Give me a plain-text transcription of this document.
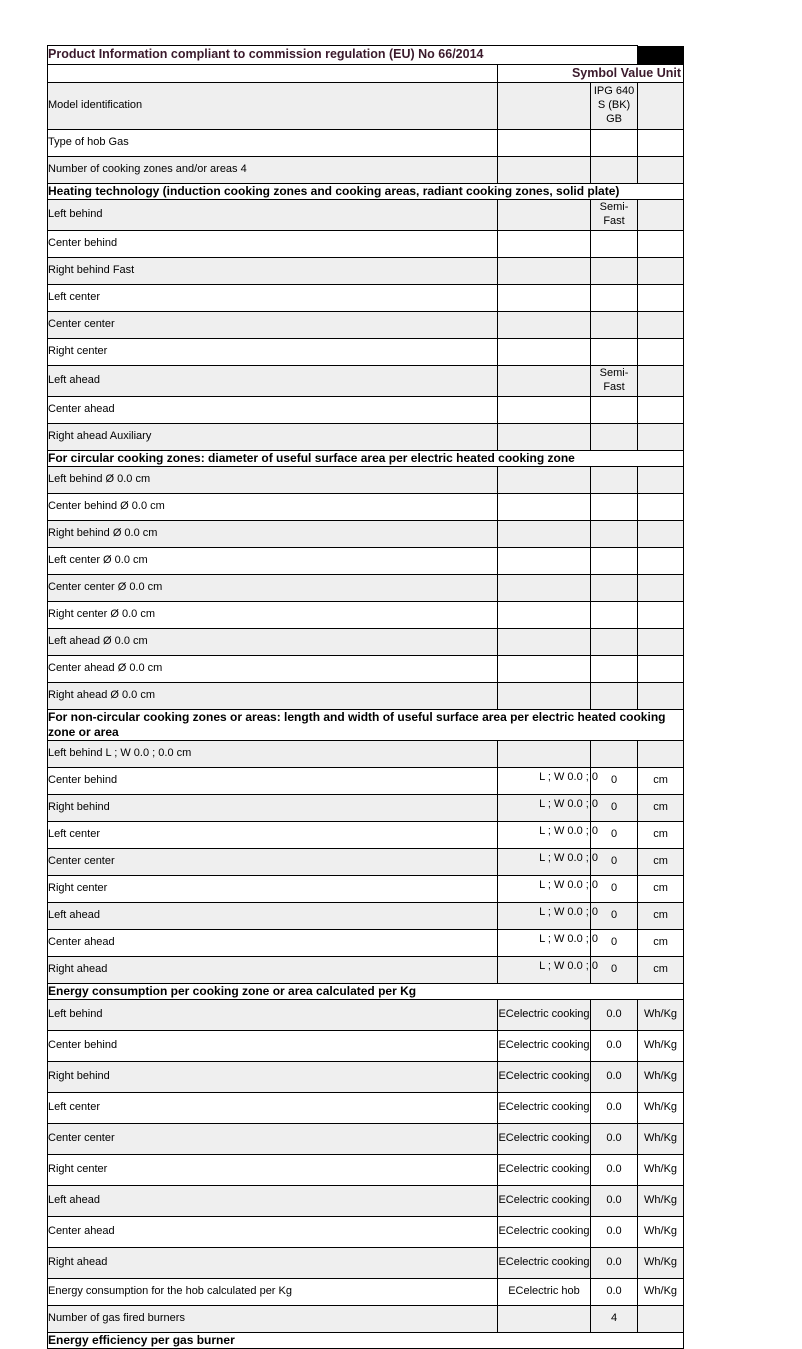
Product Information compliant to commission regulation (EU) No 66/2014			

	Symbol Value Unit		

Model identification		IPG 640 S (BK) GB	
Type of hob Gas			
Number of cooking zones and/or areas 4			
Heating technology (induction cooking zones and cooking areas, radiant cooking zones, solid plate)			
Left behind		Semi-Fast	
Center behind			
Right behind Fast			
Left center			
Center center			
Right center			
Left ahead		Semi-Fast	
Center ahead			
Right ahead Auxiliary			
For circular cooking zones: diameter of useful surface area per electric heated cooking zone			
Left behind Ø 0.0 cm			
Center behind Ø 0.0 cm			
Right behind Ø 0.0 cm			
Left center Ø 0.0 cm			
Center center Ø 0.0 cm			
Right center Ø 0.0 cm			
Left ahead Ø 0.0 cm			
Center ahead Ø 0.0 cm			
Right ahead Ø 0.0 cm			
For non-circular cooking zones or areas: length and width of useful surface area per electric heated cooking zone or area			
Left behind L ; W 0.0 ; 0.0 cm			
Center behind	L ; W 0.0 ; 0	0	cm
Right behind	L ; W 0.0 ; 0	0	cm
Left center	L ; W 0.0 ; 0	0	cm
Center center	L ; W 0.0 ; 0	0	cm
Right center	L ; W 0.0 ; 0	0	cm
Left ahead	L ; W 0.0 ; 0	0	cm
Center ahead	L ; W 0.0 ; 0	0	cm
Right ahead	L ; W 0.0 ; 0	0	cm
Energy consumption per cooking zone or area calculated per Kg			
Left behind	ECelectric cooking	0.0	Wh/Kg
Center behind	ECelectric cooking	0.0	Wh/Kg
Right behind	ECelectric cooking	0.0	Wh/Kg
Left center	ECelectric cooking	0.0	Wh/Kg
Center center	ECelectric cooking	0.0	Wh/Kg
Right center	ECelectric cooking	0.0	Wh/Kg
Left ahead	ECelectric cooking	0.0	Wh/Kg
Center ahead	ECelectric cooking	0.0	Wh/Kg
Right ahead	ECelectric cooking	0.0	Wh/Kg
Energy consumption for the hob calculated per Kg	ECelectric hob	0.0	Wh/Kg
Number of gas fired burners		4	
Energy efficiency per gas burner			
